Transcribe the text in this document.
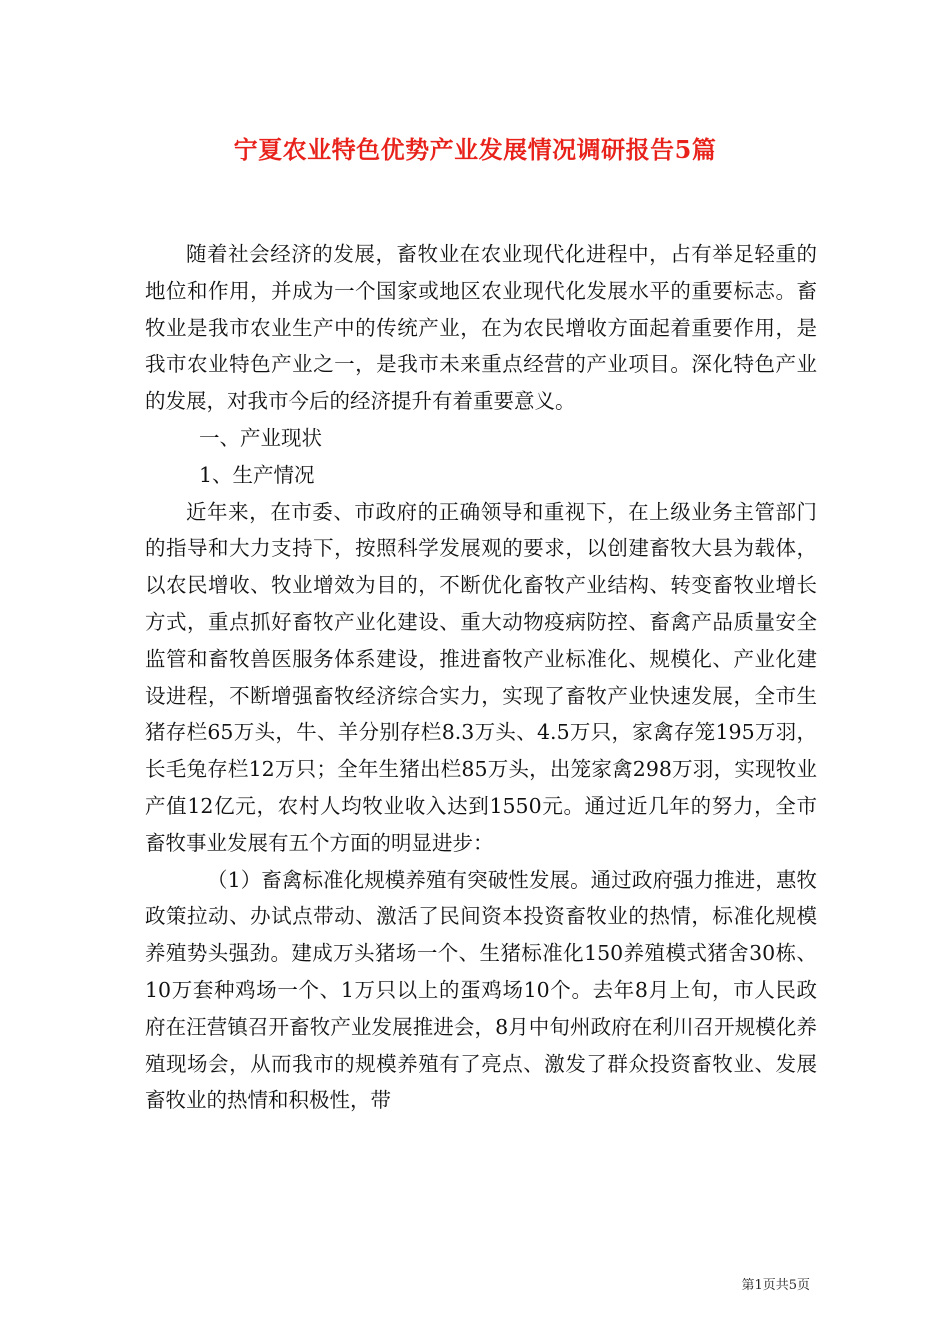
宁夏农业特色优势产业发展情况调研报告5篇

随着社会经济的发展，畜牧业在农业现代化进程中，占有举足轻重的地位和作用，并成为一个国家或地区农业现代化发展水平的重要标志。畜牧业是我市农业生产中的传统产业，在为农民增收方面起着重要作用，是我市农业特色产业之一，是我市未来重点经营的产业项目。深化特色产业的发展，对我市今后的经济提升有着重要意义。

一、产业现状

1、生产情况

近年来，在市委、市政府的正确领导和重视下，在上级业务主管部门的指导和大力支持下，按照科学发展观的要求，以创建畜牧大县为载体，以农民增收、牧业增效为目的，不断优化畜牧产业结构、转变畜牧业增长方式，重点抓好畜牧产业化建设、重大动物疫病防控、畜禽产品质量安全监管和畜牧兽医服务体系建设，推进畜牧产业标准化、规模化、产业化建设进程，不断增强畜牧经济综合实力，实现了畜牧产业快速发展，全市生猪存栏65万头，牛、羊分别存栏8.3万头、4.5万只，家禽存笼195万羽，长毛兔存栏12万只；全年生猪出栏85万头，出笼家禽298万羽，实现牧业产值12亿元，农村人均牧业收入达到1550元。通过近几年的努力，全市畜牧事业发展有五个方面的明显进步：

（1）畜禽标准化规模养殖有突破性发展。通过政府强力推进，惠牧政策拉动、办试点带动、激活了民间资本投资畜牧业的热情，标准化规模养殖势头强劲。建成万头猪场一个、生猪标准化150养殖模式猪舍30栋、10万套种鸡场一个、1万只以上的蛋鸡场10个。去年8月上旬，市人民政府在汪营镇召开畜牧产业发展推进会，8月中旬州政府在利川召开规模化养殖现场会，从而我市的规模养殖有了亮点、激发了群众投资畜牧业、发展畜牧业的热情和积极性，带

第1页共5页
